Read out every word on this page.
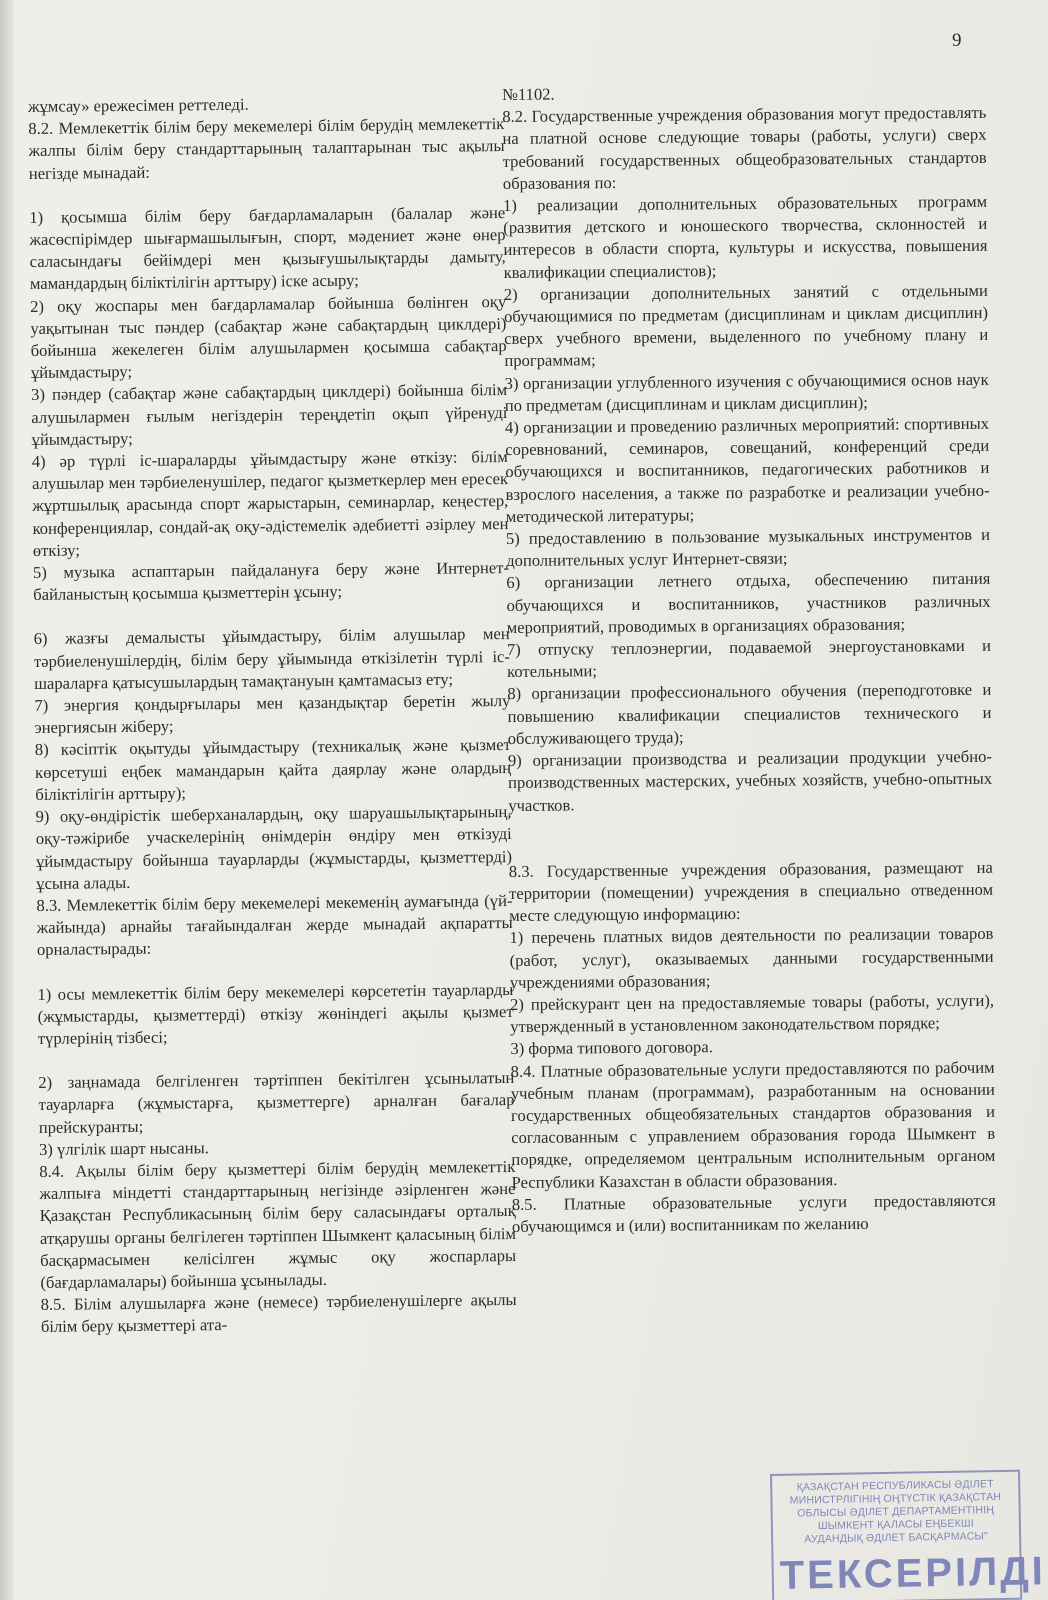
9

жұмсау» ережесімен реттеледі.

8.2. Мемлекеттік білім беру мекемелері білім берудің мемлекеттік жалпы білім беру стандарттарының талаптарынан тыс ақылы негізде мынадай:

1) қосымша білім беру бағдарламаларын (балалар және жасөспірімдер шығармашылығын, спорт, мәдениет және өнер саласындағы бейімдері мен қызығушылықтарды дамыту, мамандардың біліктілігін арттыру) іске асыру;

2) оқу жоспары мен бағдарламалар бойынша бөлінген оқу уақытынан тыс пәндер (сабақтар және сабақтардың циклдері) бойынша жекелеген білім алушылармен қосымша сабақтар ұйымдастыру;

3) пәндер (сабақтар және сабақтардың циклдері) бойынша білім алушылармен ғылым негіздерін тереңдетіп оқып үйренуді ұйымдастыру;

4) әр түрлі іс-шараларды ұйымдастыру және өткізу: білім алушылар мен тәрбиеленушілер, педагог қызметкерлер мен ересек жұртшылық арасында спорт жарыстарын, семинарлар, кеңестер, конференциялар, сондай-ақ оқу-әдістемелік әдебиетті әзірлеу мен өткізу;

5) музыка аспаптарын пайдалануға беру және Интернет-байланыстың қосымша қызметтерін ұсыну;

6) жазғы демалысты ұйымдастыру, білім алушылар мен тәрбиеленушілердің, білім беру ұйымында өткізілетін түрлі іс-шараларға қатысушылардың тамақтануын қамтамасыз ету;

7) энергия қондырғылары мен қазандықтар беретін жылу энергиясын жіберу;

8) кәсіптік оқытуды ұйымдастыру (техникалық және қызмет көрсетуші еңбек мамандарын қайта даярлау және олардың біліктілігін арттыру);

9) оқу-өндірістік шеберханалардың, оқу шаруашылықтарының, оқу-тәжірибе учаскелерінің өнімдерін өндіру мен өткізуді ұйымдастыру бойынша тауарларды (жұмыстарды, қызметтерді) ұсына алады.

8.3. Мемлекеттік білім беру мекемелері мекеменің аумағында (үй-жайында) арнайы тағайындалған жерде мынадай ақпаратты орналастырады:

1) осы мемлекеттік білім беру мекемелері көрсететін тауарларды (жұмыстарды, қызметтерді) өткізу жөніндегі ақылы қызмет түрлерінің тізбесі;

2) заңнамада белгіленген тәртіппен бекітілген ұсынылатын тауарларға (жұмыстарға, қызметтерге) арналған бағалар прейскуранты;

3) үлгілік шарт нысаны.

8.4. Ақылы білім беру қызметтері білім берудің мемлекеттік жалпыға міндетті стандарттарының негізінде әзірленген және Қазақстан Республикасының білім беру саласындағы орталық атқарушы органы белгілеген тәртіппен Шымкент қаласының білім басқармасымен келісілген жұмыс оқу жоспарлары (бағдарламалары) бойынша ұсынылады.

8.5. Білім алушыларға және (немесе) тәрбиеленушілерге ақылы білім беру қызметтері ата-

№1102.

8.2. Государственные учреждения образования могут предоставлять на платной основе следующие товары (работы, услуги) сверх требований государственных общеобразовательных стандартов образования по:

1) реализации дополнительных образовательных программ (развития детского и юношеского творчества, склонностей и интересов в области спорта, культуры и искусства, повышения квалификации специалистов);

2) организации дополнительных занятий с отдельными обучающимися по предметам (дисциплинам и циклам дисциплин) сверх учебного времени, выделенного по учебному плану и программам;

3) организации углубленного изучения с обучающимися основ наук по предметам (дисциплинам и циклам дисциплин);

4) организации и проведению различных мероприятий: спортивных соревнований, семинаров, совещаний, конференций среди обучающихся и воспитанников, педагогических работников и взрослого населения, а также по разработке и реализации учебно-методической литературы;

5) предоставлению в пользование музыкальных инструментов и дополнительных услуг Интернет-связи;

6) организации летнего отдыха, обеспечению питания обучающихся и воспитанников, участников различных мероприятий, проводимых в организациях образования;

7) отпуску теплоэнергии, подаваемой энергоустановками и котельными;

8) организации профессионального обучения (переподготовке и повышению квалификации специалистов технического и обслуживающего труда);

9) организации производства и реализации продукции учебно-производственных мастерских, учебных хозяйств, учебно-опытных участков.

8.3. Государственные учреждения образования, размещают на территории (помещении) учреждения в специально отведенном месте следующую информацию:

1) перечень платных видов деятельности по реализации товаров (работ, услуг), оказываемых данными государственными учреждениями образования;

2) прейскурант цен на предоставляемые товары (работы, услуги), утвержденный в установленном законодательством порядке;

3) форма типового договора.

8.4. Платные образовательные услуги предоставляются по рабочим учебным планам (программам), разработанным на основании государственных общеобязательных стандартов образования и согласованным с управлением образования города Шымкент в порядке, определяемом центральным исполнительным органом Республики Казахстан в области образования.

8.5. Платные образовательные услуги предоставляются обучающимся и (или) воспитанникам по желанию

ҚАЗАҚСТАН РЕСПУБЛИКАСЫ ӘДІЛЕТ
МИНИСТРЛІГІНІҢ ОҢТҮСТІК ҚАЗАҚСТАН
ОБЛЫСЫ ӘДІЛЕТ ДЕПАРТАМЕНТІНІҢ
ШЫМКЕНТ ҚАЛАСЫ ЕҢБЕКШІ
АУДАНДЫҚ ӘДІЛЕТ БАСҚАРМАСЫ"
ТЕКСЕРІЛДІ
